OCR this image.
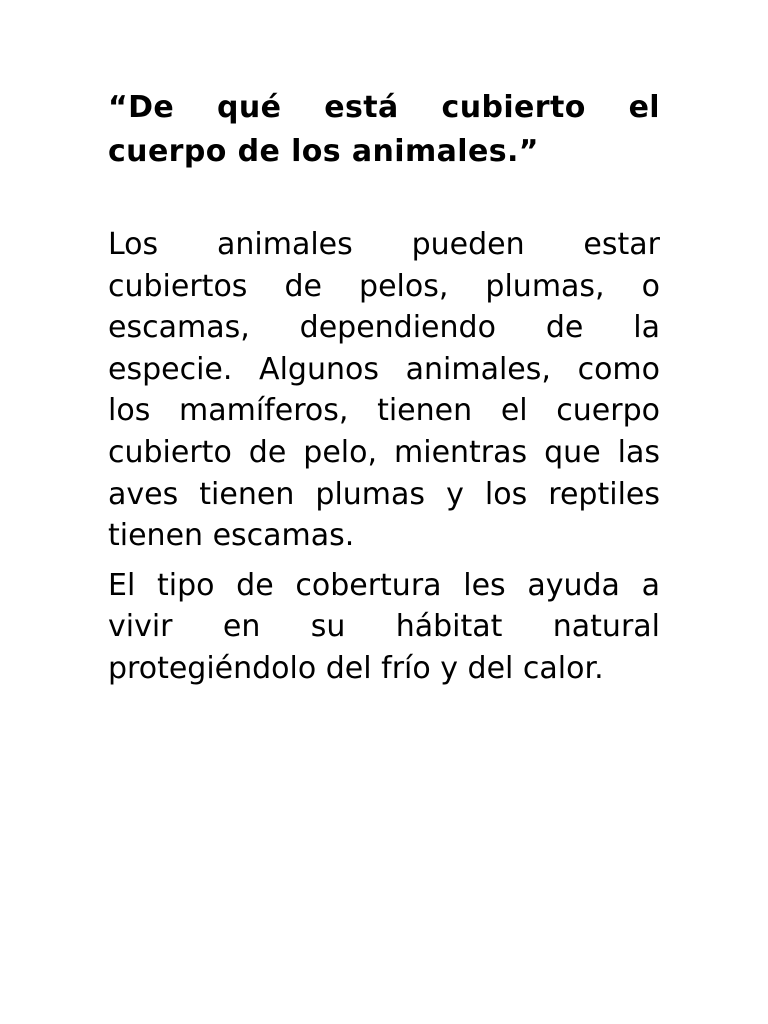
“De qué está cubierto el cuerpo de los animales.”

Los animales pueden estar cubiertos de pelos, plumas, o escamas, dependiendo de la especie. Algunos animales, como los mamíferos, tienen el cuerpo cubierto de pelo, mientras que las aves tienen plumas y los reptiles tienen escamas.

El tipo de cobertura les ayuda a vivir en su hábitat natural protegiéndolo del frío y del calor.
